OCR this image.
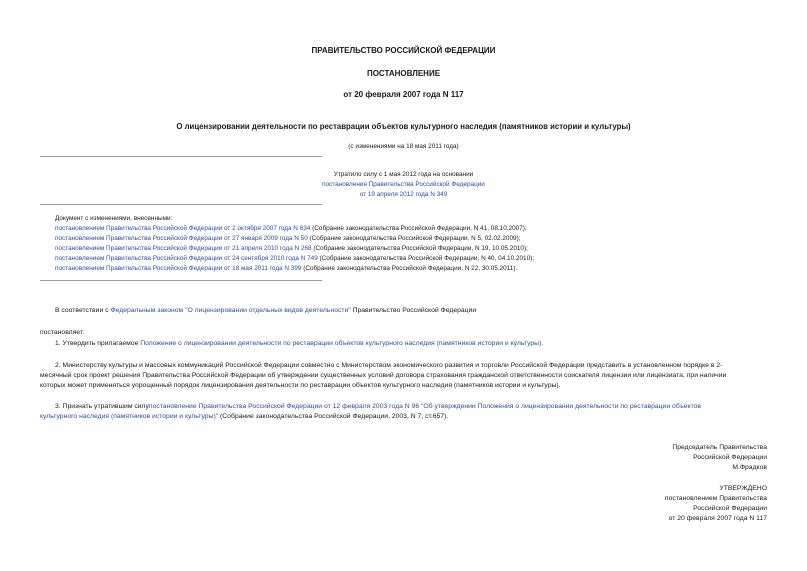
ПРАВИТЕЛЬСТВО РОССИЙСКОЙ ФЕДЕРАЦИИ
ПОСТАНОВЛЕНИЕ
от 20 февраля 2007 года N 117
О лицензировании деятельности по реставрации объектов культурного наследия (памятников истории и культуры)
(с изменениями на 18 мая 2011 года)
Утратило силу с 1 мая 2012 года на основании
постановления Правительства Российской Федерации
от 19 апреля 2012 года N 349
Документ с изменениями, внесенными:
постановлением Правительства Российской Федерации от 2 октября 2007 года N 634 (Собрание законодательства Российской Федерации, N 41, 08.10.2007);
постановлением Правительства Российской Федерации от 27 января 2009 года N 50 (Собрание законодательства Российской Федерации, N 5, 02.02.2009);
постановлением Правительства Российской Федерации от 21 апреля 2010 года N 268 (Собрание законодательства Российской Федерации, N 19, 10.05.2010);
постановлением Правительства Российской Федерации от 24 сентября 2010 года N 749 (Собрание законодательства Российской Федерации, N 40, 04.10.2010);
постановлением Правительства Российской Федерации от 18 мая 2011 года N 399 (Собрание законодательства Российской Федерации, N 22, 30.05.2011).
В соответствии с Федеральным законом "О лицензировании отдельных видов деятельности" Правительство Российской Федерации
постановляет:
1. Утвердить прилагаемое Положение о лицензировании деятельности по реставрации объектов культурного наследия (памятников истории и культуры).
2. Министерству культуры и массовых коммуникаций Российской Федерации совместно с Министерством экономического развития и торговли Российской Федерации представить в установленном порядке в 2-
месячный срок проект решения Правительства Российской Федерации об утверждении существенных условий договора страхования гражданской ответственности соискателя лицензии или лицензиата, при наличии
которых может применяться упрощенный порядок лицензирования деятельности по реставрации объектов культурного наследия (памятников истории и культуры).
3. Признать утратившим силупостановление Правительства Российской Федерации от 12 февраля 2003 года N 96 "Об утверждении Положения о лицензировании деятельности по реставрации объектов
культурного наследия (памятников истории и культуры)" (Собрание законодательства Российской Федерации, 2003, N 7, ст.657).
Председатель Правительства
Российской Федерации
М.Фрадков
УТВЕРЖДЕНО
постановлением Правительства
Российской Федерации
от 20 февраля 2007 года N 117
